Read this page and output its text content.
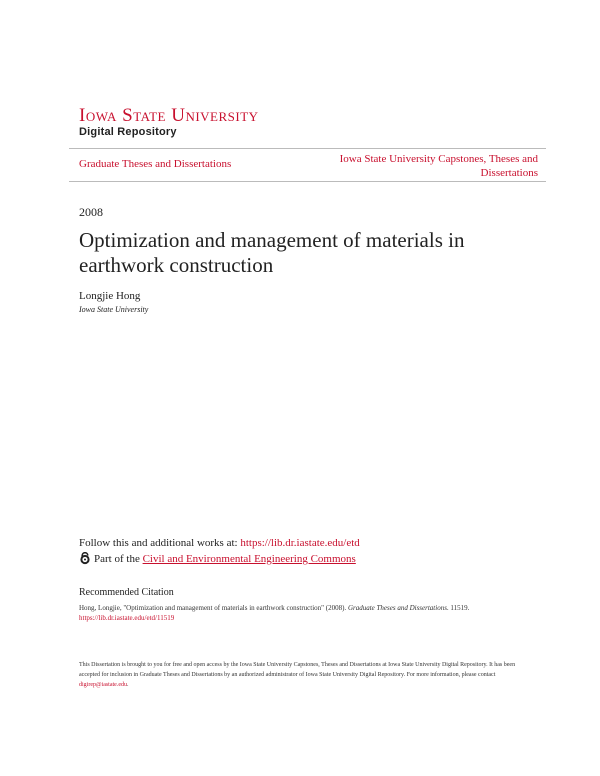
Iowa State University
Digital Repository
Graduate Theses and Dissertations	Iowa State University Capstones, Theses and Dissertations
2008
Optimization and management of materials in earthwork construction
Longjie Hong
Iowa State University
Follow this and additional works at: https://lib.dr.iastate.edu/etd
Part of the Civil and Environmental Engineering Commons
Recommended Citation
Hong, Longjie, "Optimization and management of materials in earthwork construction" (2008). Graduate Theses and Dissertations. 11519.
https://lib.dr.iastate.edu/etd/11519
This Dissertation is brought to you for free and open access by the Iowa State University Capstones, Theses and Dissertations at Iowa State University Digital Repository. It has been accepted for inclusion in Graduate Theses and Dissertations by an authorized administrator of Iowa State University Digital Repository. For more information, please contact digirep@iastate.edu.
